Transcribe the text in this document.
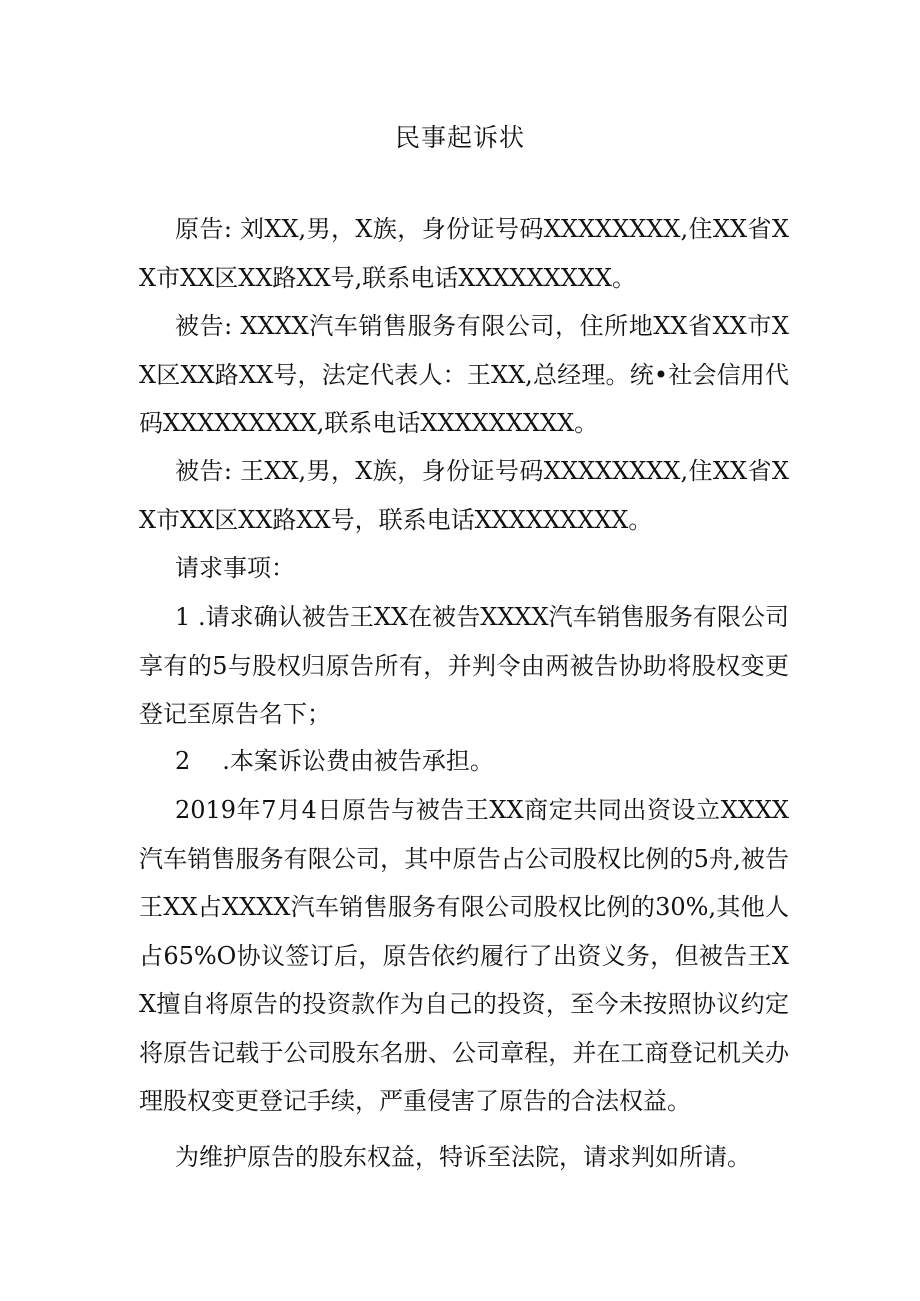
民事起诉状
原告: 刘XX,男，X族，身份证号码XXXXXXXX,住XX省XX市XX区XX路XX号,联系电话XXXXXXXXX。
被告: XXXX汽车销售服务有限公司，住所地XX省XX市XX区XX路XX号，法定代表人：王XX,总经理。统•社会信用代码XXXXXXXXX,联系电话XXXXXXXXX。
被告: 王XX,男，X族，身份证号码XXXXXXXX,住XX省XX市XX区XX路XX号，联系电话XXXXXXXXX。
请求事项：
1 .请求确认被告王XX在被告XXXX汽车销售服务有限公司享有的5与股权归原告所有，并判令由两被告协助将股权变更登记至原告名下；
2 .本案诉讼费由被告承担。
2019年7月4日原告与被告王XX商定共同出资设立XXXX汽车销售服务有限公司，其中原告占公司股权比例的5舟,被告王XX占XXXX汽车销售服务有限公司股权比例的30%,其他人占65%O协议签订后，原告依约履行了出资义务，但被告王XX擅自将原告的投资款作为自己的投资，至今未按照协议约定将原告记载于公司股东名册、公司章程，并在工商登记机关办理股权变更登记手续，严重侵害了原告的合法权益。
为维护原告的股东权益，特诉至法院，请求判如所请。
